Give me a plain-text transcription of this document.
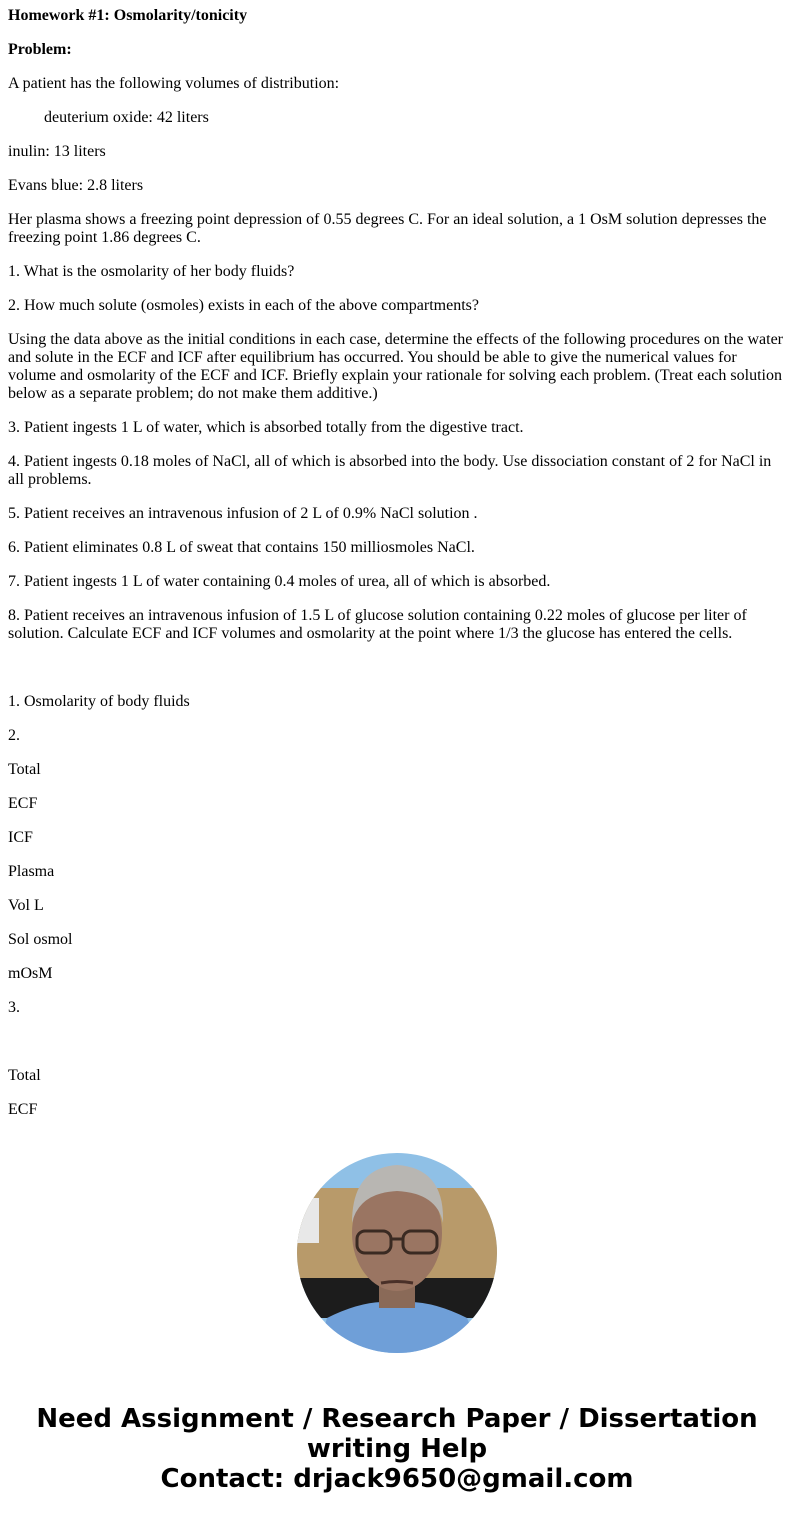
Homework #1: Osmolarity/tonicity

Problem:

A patient has the following volumes of distribution:

deuterium oxide: 42 liters

inulin: 13 liters

Evans blue: 2.8 liters

Her plasma shows a freezing point depression of 0.55 degrees C. For an ideal solution, a 1 OsM solution depresses the freezing point 1.86 degrees C.

1. What is the osmolarity of her body fluids?

2. How much solute (osmoles) exists in each of the above compartments?

Using the data above as the initial conditions in each case, determine the effects of the following procedures on the water and solute in the ECF and ICF after equilibrium has occurred. You should be able to give the numerical values for volume and osmolarity of the ECF and ICF. Briefly explain your rationale for solving each problem. (Treat each solution below as a separate problem; do not make them additive.)

3. Patient ingests 1 L of water, which is absorbed totally from the digestive tract.

4. Patient ingests 0.18 moles of NaCl, all of which is absorbed into the body. Use dissociation constant of 2 for NaCl in all problems.

5. Patient receives an intravenous infusion of 2 L of 0.9% NaCl solution .

6. Patient eliminates 0.8 L of sweat that contains 150 milliosmoles NaCl.

7. Patient ingests 1 L of water containing 0.4 moles of urea, all of which is absorbed.

8. Patient receives an intravenous infusion of 1.5 L of glucose solution containing 0.22 moles of glucose per liter of solution. Calculate ECF and ICF volumes and osmolarity at the point where 1/3 the glucose has entered the cells.

1. Osmolarity of body fluids

2.

Total

ECF

ICF

Plasma

Vol L

Sol osmol

mOsM

3.

Total

ECF

Need Assignment / Research Paper / Dissertation
writing Help
Contact: drjack9650@gmail.com
